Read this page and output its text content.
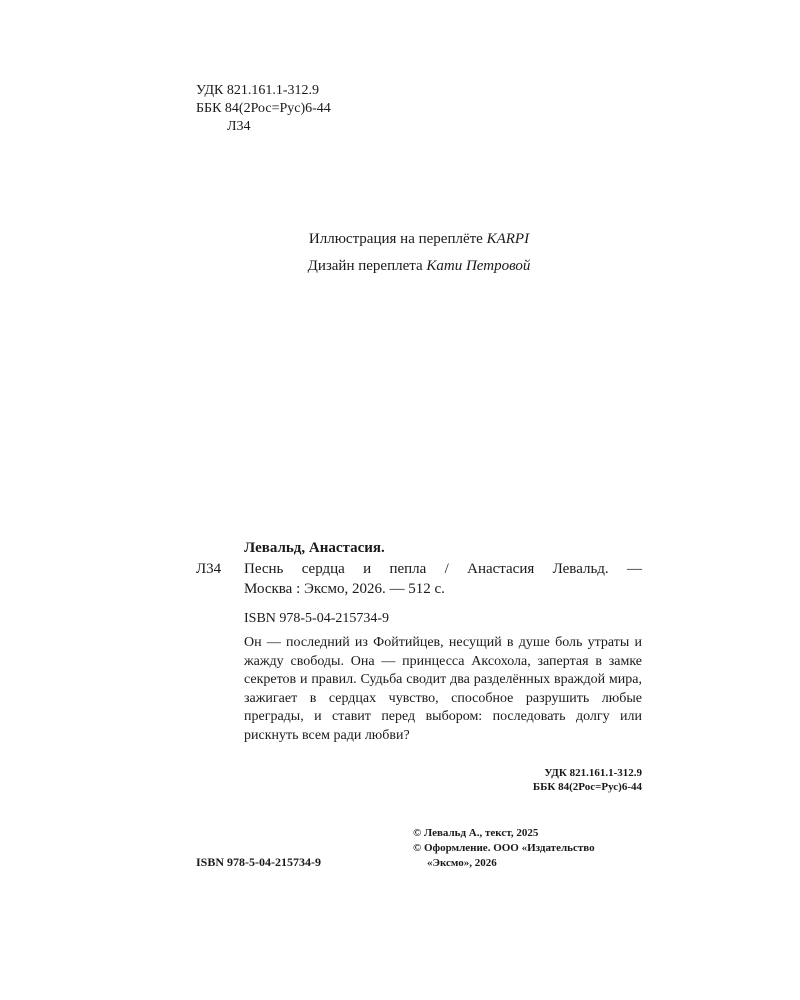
УДК 821.161.1-312.9
ББК 84(2Рос=Рус)6-44
Л34
Иллюстрация на переплёте KARPI
Дизайн переплета Кати Петровой
Левальд, Анастасия.
Л34 Песнь сердца и пепла / Анастасия Левальд. —
Москва : Эксмо, 2026. — 512 с.
ISBN 978-5-04-215734-9
Он — последний из Фойтийцев, несущий в душе боль утраты и жажду свободы. Она — принцесса Аксохола, запертая в замке секретов и правил. Судьба сводит два разделённых враждой мира, зажигает в сердцах чувство, способное разрушить любые преграды, и ставит перед выбором: последовать долгу или рискнуть всем ради любви?
УДК 821.161.1-312.9
ББК 84(2Рос=Рус)6-44
© Левальд А., текст, 2025
© Оформление. ООО «Издательство
«Эксмо», 2026
ISBN 978-5-04-215734-9
